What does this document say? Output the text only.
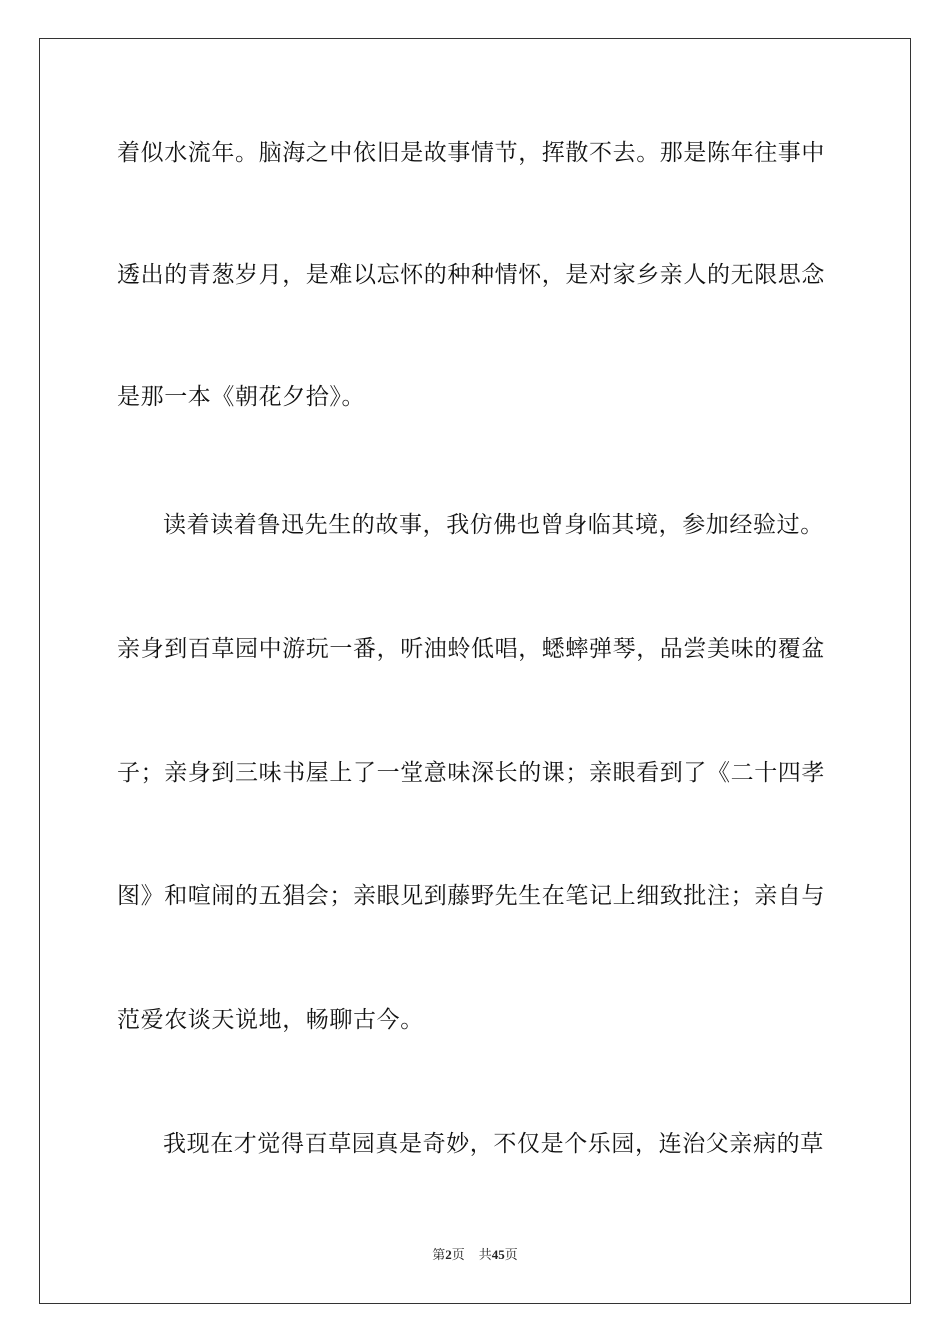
着似水流年。脑海之中依旧是故事情节，挥散不去。那是陈年往事中
透出的青葱岁月，是难以忘怀的种种情怀，是对家乡亲人的无限思念
是那一本《朝花夕拾》。
读着读着鲁迅先生的故事，我仿佛也曾身临其境，参加经验过。
亲身到百草园中游玩一番，听油蛉低唱，蟋蟀弹琴，品尝美味的覆盆
子；亲身到三味书屋上了一堂意味深长的课；亲眼看到了《二十四孝
图》和喧闹的五猖会；亲眼见到藤野先生在笔记上细致批注；亲自与
范爱农谈天说地，畅聊古今。
我现在才觉得百草园真是奇妙，不仅是个乐园，连治父亲病的草
第2页 共45页
